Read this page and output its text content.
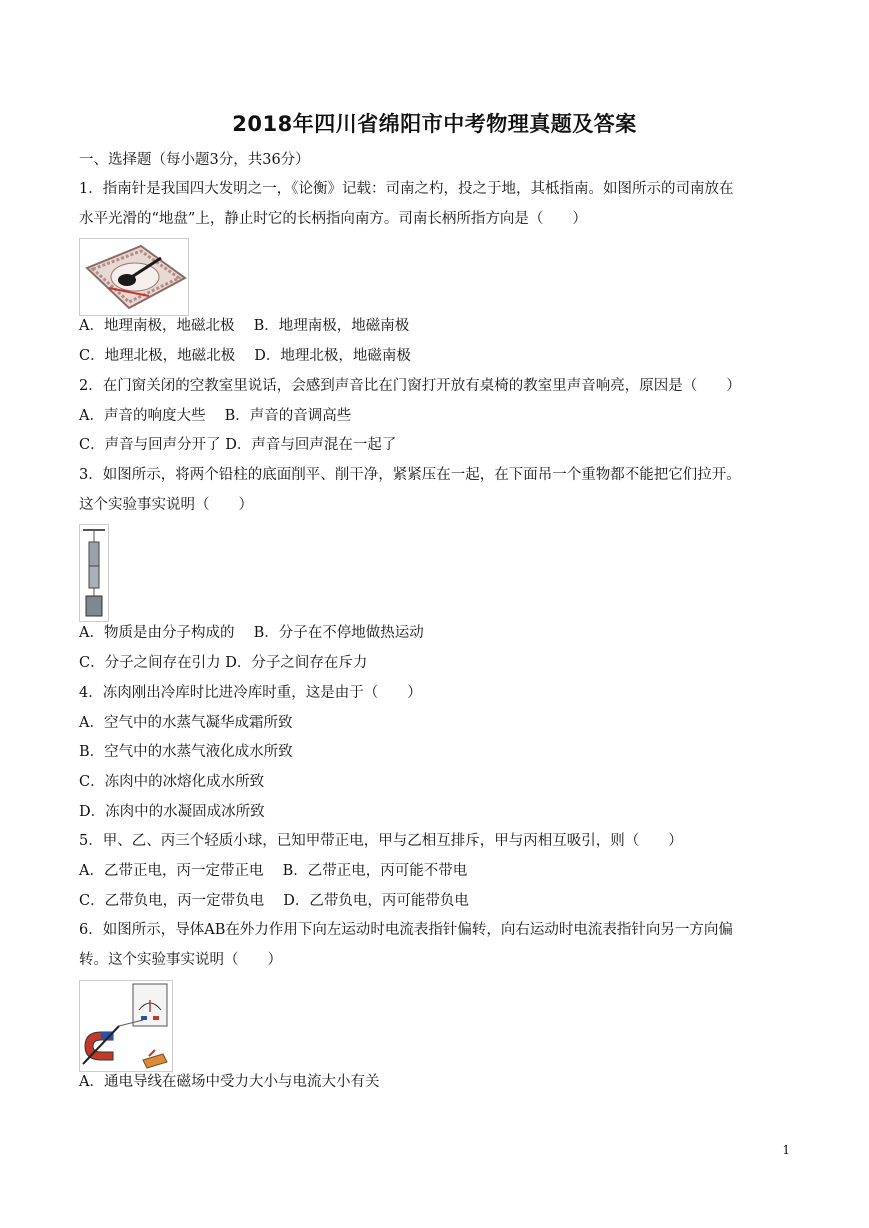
2018年四川省绵阳市中考物理真题及答案
一、选择题（每小题3分，共36分）
1．指南针是我国四大发明之一，《论衡》记载：司南之杓，投之于地，其柢指南。如图所示的司南放在
水平光滑的“地盘”上，静止时它的长柄指向南方。司南长柄所指方向是（　　）
A．地理南极，地磁北极　 B．地理南极，地磁南极
C．地理北极，地磁北极　 D．地理北极，地磁南极
2．在门窗关闭的空教室里说话，会感到声音比在门窗打开放有桌椅的教室里声音响亮，原因是（　　）
A．声音的响度大些　 B．声音的音调高些
C．声音与回声分开了 D．声音与回声混在一起了
3．如图所示，将两个铅柱的底面削平、削干净，紧紧压在一起，在下面吊一个重物都不能把它们拉开。
这个实验事实说明（　　）
A．物质是由分子构成的　 B．分子在不停地做热运动
C．分子之间存在引力 D．分子之间存在斥力
4．冻肉刚出冷库时比进冷库时重，这是由于（　　）
A．空气中的水蒸气凝华成霜所致
B．空气中的水蒸气液化成水所致
C．冻肉中的冰熔化成水所致
D．冻肉中的水凝固成冰所致
5．甲、乙、丙三个轻质小球，已知甲带正电，甲与乙相互排斥，甲与丙相互吸引，则（　　）
A．乙带正电，丙一定带正电　 B．乙带正电，丙可能不带电
C．乙带负电，丙一定带负电　 D．乙带负电，丙可能带负电
6．如图所示，导体AB在外力作用下向左运动时电流表指针偏转，向右运动时电流表指针向另一方向偏
转。这个实验事实说明（　　）
A．通电导线在磁场中受力大小与电流大小有关
1
